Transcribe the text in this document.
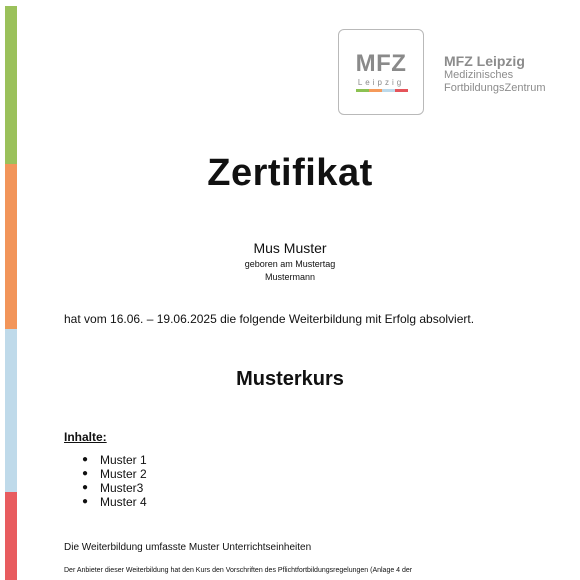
MFZ
Leipzig
MFZ Leipzig
Medizinisches
FortbildungsZentrum
Zertifikat
Mus Muster
geboren am Mustertag
Mustermann
hat vom 16.06. – 19.06.2025 die folgende Weiterbildung mit Erfolg absolviert.
Musterkurs
Inhalte:
● Muster 1
● Muster 2
● Muster3
● Muster 4
Die Weiterbildung umfasste Muster Unterrichtseinheiten
Der Anbieter dieser Weiterbildung hat den Kurs den Vorschriften des Pflichtfortbildungsregelungen (Anlage 4 der
